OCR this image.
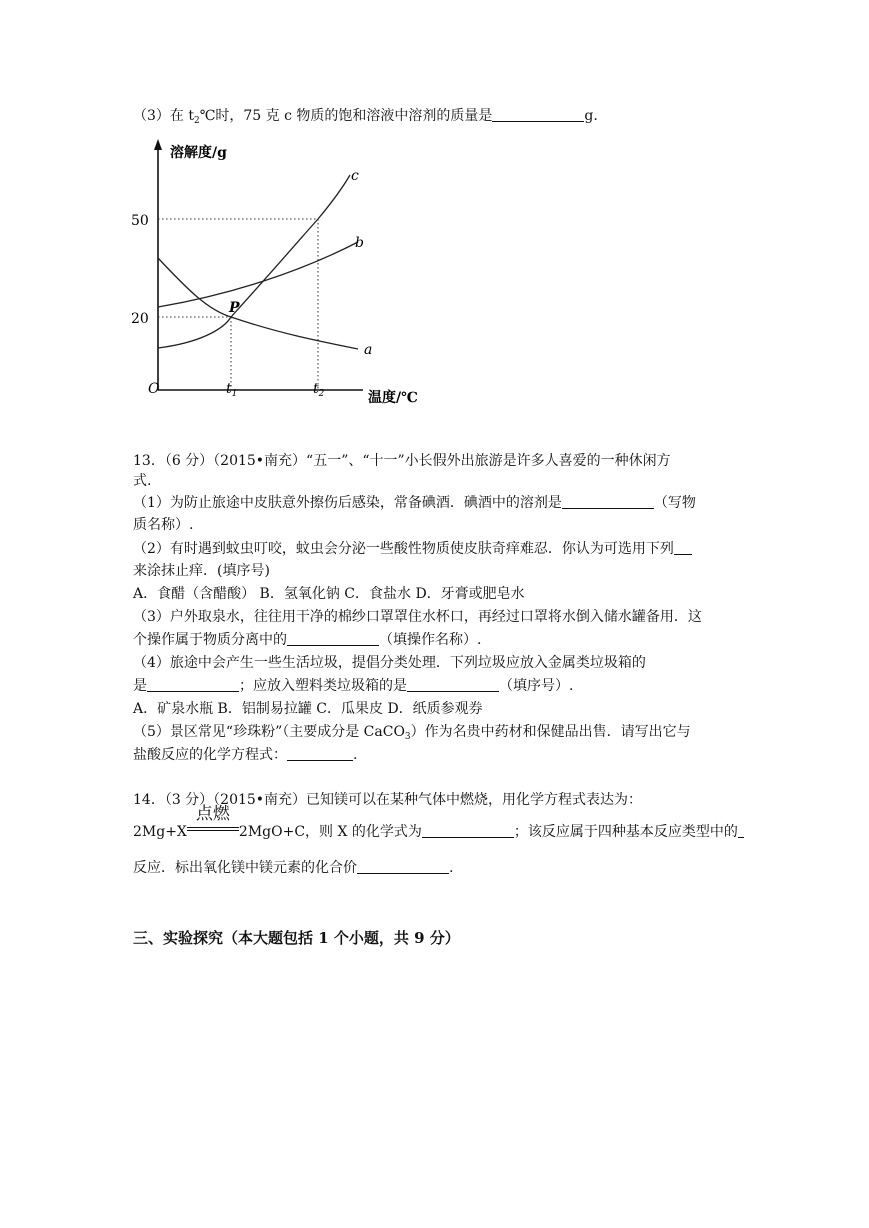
（3）在 $t_2℃$时，75 克 c 物质的饱和溶液中溶剂的质量是	g.
溶解度/g
温度/℃
O
50
20
a
b
c
P
$t_1$	$t_2$
13．（6 分）（2015•南充）“五一”、“十一”小长假外出旅游是许多人喜爱的一种休闲方
式.
（1）为防止旅途中皮肤意外擦伤后感染，常备碘酒．碘酒中的溶剂是	（写物
质名称）.
（2）有时遇到蚊虫叮咬，蚊虫会分泌一些酸性物质使皮肤奇痒难忍．你认为可选用下列
来涂抹止痒．(填序号)
A．食醋（含醋酸） B．氢氧化钠 C．食盐水 D．牙膏或肥皂水
（3）户外取泉水，往往用干净的棉纱口罩罩住水杯口，再经过口罩将水倒入储水罐备用．这
个操作属于物质分离中的	（填操作名称）.
（4）旅途中会产生一些生活垃圾，提倡分类处理．下列垃圾应放入金属类垃圾箱的
是	；应放入塑料类垃圾箱的是	（填序号）.
A．矿泉水瓶 B．铝制易拉罐 C．瓜果皮 D．纸质参观券
（5）景区常见“珍珠粉”（主要成分是 CaCO$_3$）作为名贵中药材和保健品出售．请写出它与
盐酸反应的化学方程式：	.
14．（3 分）（2015•南充）已知镁可以在某种气体中燃烧，用化学方程式表达为：
2Mg+X
点燃
2MgO+C，则 X 的化学式为	；该反应属于四种基本反应类型中的
反应．标出氧化镁中镁元素的化合价	.
三、实验探究（本大题包括 1 个小题，共 9 分）
